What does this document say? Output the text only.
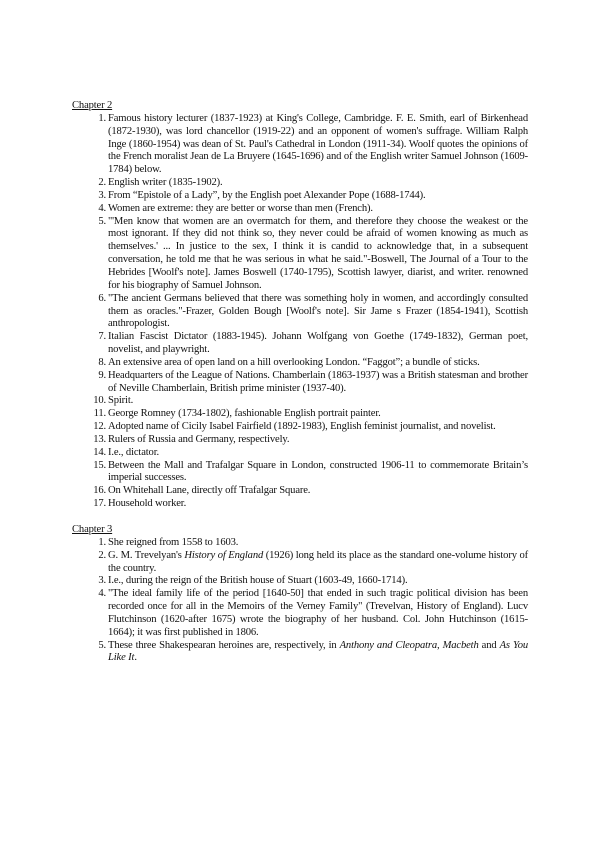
Chapter 2
1. Famous history lecturer (1837-1923) at King's College, Cambridge. F. E. Smith, earl of Birkenhead (1872-1930), was lord chancellor (1919-22) and an opponent of women's suffrage. William Ralph Inge (1860-1954) was dean of St. Paul's Cathedral in London (1911-34). Woolf quotes the opinions of the French moralist Jean de La Bruyere (1645-1696) and of the English writer Samuel Johnson (1609-1784) below.
2. English writer (1835-1902).
3. From “Epistole of a Lady”, by the English poet Alexander Pope (1688-1744).
4. Women are extreme: they are better or worse than men (French).
5. "'Men know that women are an overmatch for them, and therefore they choose the weakest or the most ignorant. If they did not think so, they never could be afraid of women knowing as much as themselves.' ... In justice to the sex, I think it is candid to acknowledge that, in a subsequent conversation, he told me that he was serious in what he said."-Boswell, The Journal of a Tour to the Hebrides [Woolf's note]. James Boswell (1740-1795), Scottish lawyer, diarist, and writer. renowned for his biography of Samuel Johnson.
6. "The ancient Germans believed that there was something holy in women, and accordingly consulted them as oracles."-Frazer, Golden Bough [Woolf's note]. Sir Jame s Frazer (1854-1941), Scottish anthropologist.
7. Italian Fascist Dictator (1883-1945). Johann Wolfgang von Goethe (1749-1832), German poet, novelist, and playwright.
8. An extensive area of open land on a hill overlooking London. “Faggot”; a bundle of sticks.
9. Headquarters of the League of Nations. Chamberlain (1863-1937) was a British statesman and brother of Neville Chamberlain, British prime minister (1937-40).
10. Spirit.
11. George Romney (1734-1802), fashionable English portrait painter.
12. Adopted name of Cicily Isabel Fairfield (1892-1983), English feminist journalist, and novelist.
13. Rulers of Russia and Germany, respectively.
14. I.e., dictator.
15. Between the Mall and Trafalgar Square in London, constructed 1906-11 to commemorate Britain’s imperial successes.
16. On Whitehall Lane, directly off Trafalgar Square.
17. Household worker.
Chapter 3
1. She reigned from 1558 to 1603.
2. G. M. Trevelyan's History of England (1926) long held its place as the standard one-volume history of the country.
3. I.e., during the reign of the British house of Stuart (1603-49, 1660-1714).
4. "The ideal family life of the period [1640-50] that ended in such tragic political division has been recorded once for all in the Memoirs of the Verney Family" (Trevelvan, History of England). Lucv Flutchinson (1620-after 1675) wrote the biography of her husband. Col. John Hutchinson (1615-1664); it was first published in 1806.
5. These three Shakespearan heroines are, respectively, in Anthony and Cleopatra, Macbeth and As You Like It.
